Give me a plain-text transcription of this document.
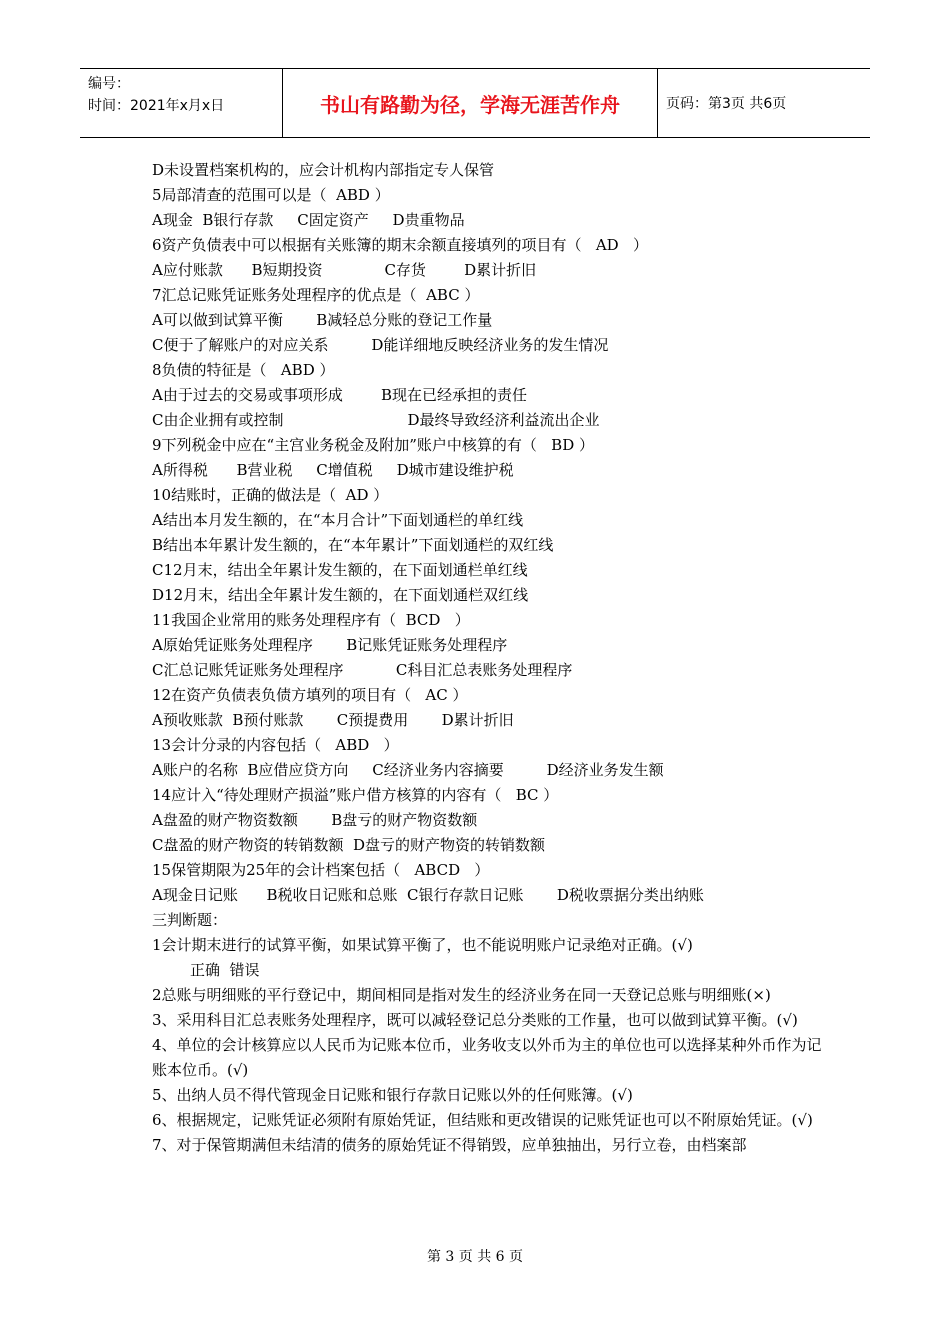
编号：
时间：2021年x月x日	书山有路勤为径，学海无涯苦作舟	页码：第3页 共6页
D未设置档案机构的，应会计机构内部指定专人保管
5局部清查的范围可以是（  ABD ）
A现金  B银行存款     C固定资产     D贵重物品
6资产负债表中可以根据有关账簿的期末余额直接填列的项目有（   AD   ）
A应付账款      B短期投资             C存货        D累计折旧
7汇总记账凭证账务处理程序的优点是（  ABC ）
A可以做到试算平衡       B减轻总分账的登记工作量
C便于了解账户的对应关系         D能详细地反映经济业务的发生情况
8负债的特征是（   ABD ）
A由于过去的交易或事项形成        B现在已经承担的责任
C由企业拥有或控制                          D最终导致经济利益流出企业
9下列税金中应在“主宫业务税金及附加”账户中核算的有（   BD ）
A所得税      B营业税     C增值税     D城市建设维护税
10结账时，正确的做法是（  AD ）
A结出本月发生额的，在“本月合计”下面划通栏的单红线
B结出本年累计发生额的，在“本年累计”下面划通栏的双红线
C12月末，结出全年累计发生额的，在下面划通栏单红线
D12月末，结出全年累计发生额的，在下面划通栏双红线
11我国企业常用的账务处理程序有（  BCD   ）
A原始凭证账务处理程序       B记账凭证账务处理程序
C汇总记账凭证账务处理程序           C科目汇总表账务处理程序
12在资产负债表负债方填列的项目有（   AC ）
A预收账款  B预付账款       C预提费用       D累计折旧
13会计分录的内容包括（   ABD   ）
A账户的名称  B应借应贷方向     C经济业务内容摘要         D经济业务发生额
14应计入“待处理财产损溢”账户借方核算的内容有（   BC ）
A盘盈的财产物资数额       B盘亏的财产物资数额
C盘盈的财产物资的转销数额  D盘亏的财产物资的转销数额
15保管期限为25年的会计档案包括（   ABCD   ）
A现金日记账      B税收日记账和总账  C银行存款日记账       D税收票据分类出纳账
三判断题：
1会计期末进行的试算平衡，如果试算平衡了，也不能说明账户记录绝对正确。(√)
正确  错误
2总账与明细账的平行登记中，期间相同是指对发生的经济业务在同一天登记总账与明细账(×)
3、采用科目汇总表账务处理程序，既可以减轻登记总分类账的工作量，也可以做到试算平衡。(√)
4、单位的会计核算应以人民币为记账本位币，业务收支以外币为主的单位也可以选择某种外币作为记账本位币。(√)
5、出纳人员不得代管现金日记账和银行存款日记账以外的任何账簿。(√)
6、根据规定，记账凭证必须附有原始凭证，但结账和更改错误的记账凭证也可以不附原始凭证。(√)
7、对于保管期满但未结清的债务的原始凭证不得销毁，应单独抽出，另行立卷，由档案部
第 3 页 共 6 页
